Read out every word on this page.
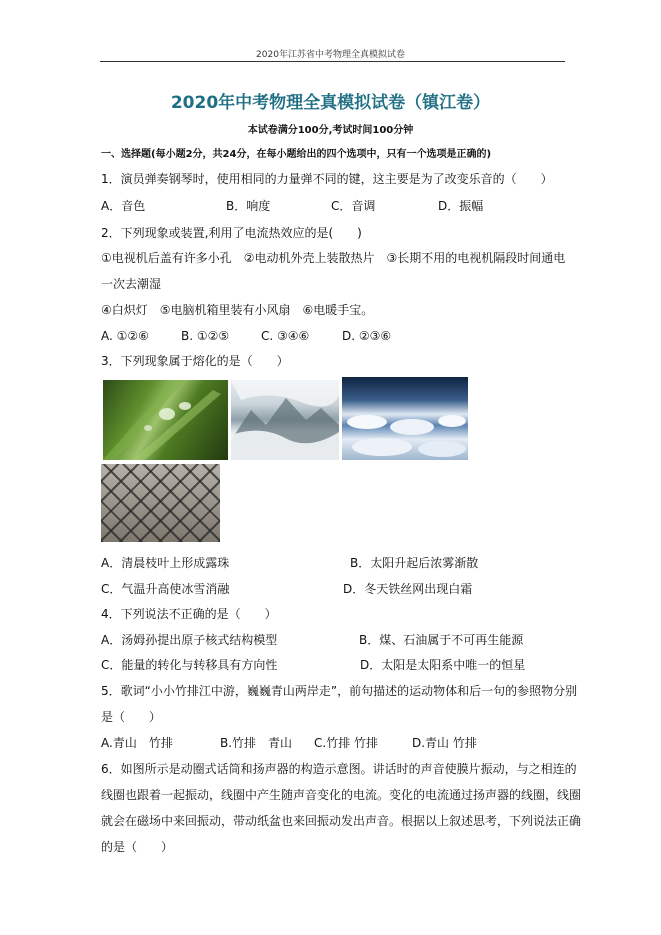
2020年江苏省中考物理全真模拟试卷
2020年中考物理全真模拟试卷（镇江卷）
本试卷满分100分,考试时间100分钟
一、选择题(每小题2分，共24分，在每小题给出的四个选项中，只有一个选项是正确的)
1．演员弹奏钢琴时，使用相同的力量弹不同的键，这主要是为了改变乐音的（　　）
A．音色	B．响度	C．音调	D．振幅
2．下列现象或装置,利用了电流热效应的是(　　)
①电视机后盖有许多小孔　②电动机外壳上装散热片　③长期不用的电视机隔段时间通电
一次去潮湿
④白炽灯　⑤电脑机箱里装有小风扇　⑥电暖手宝。
A. ①②⑥	B. ①②⑤	C. ③④⑥	D. ②③⑥
3．下列现象属于熔化的是（　　）
A．清晨枝叶上形成露珠	B．太阳升起后浓雾渐散
C．气温升高使冰雪消融	D．冬天铁丝网出现白霜
4．下列说法不正确的是（　　）
A．汤姆孙提出原子核式结构模型	B．煤、石油属于不可再生能源
C．能量的转化与转移具有方向性	D．太阳是太阳系中唯一的恒星
5．歌词“小小竹排江中游，巍巍青山两岸走”，前句描述的运动物体和后一句的参照物分别
是（　　）
A.青山　竹排	B.竹排　青山 C.竹排 竹排	D.青山 竹排
6．如图所示是动圈式话筒和扬声器的构造示意图。讲话时的声音使膜片振动，与之相连的
线圈也跟着一起振动，线圈中产生随声音变化的电流。变化的电流通过扬声器的线圈，线圈
就会在磁场中来回振动，带动纸盆也来回振动发出声音。根据以上叙述思考，下列说法正确
的是（　　）
